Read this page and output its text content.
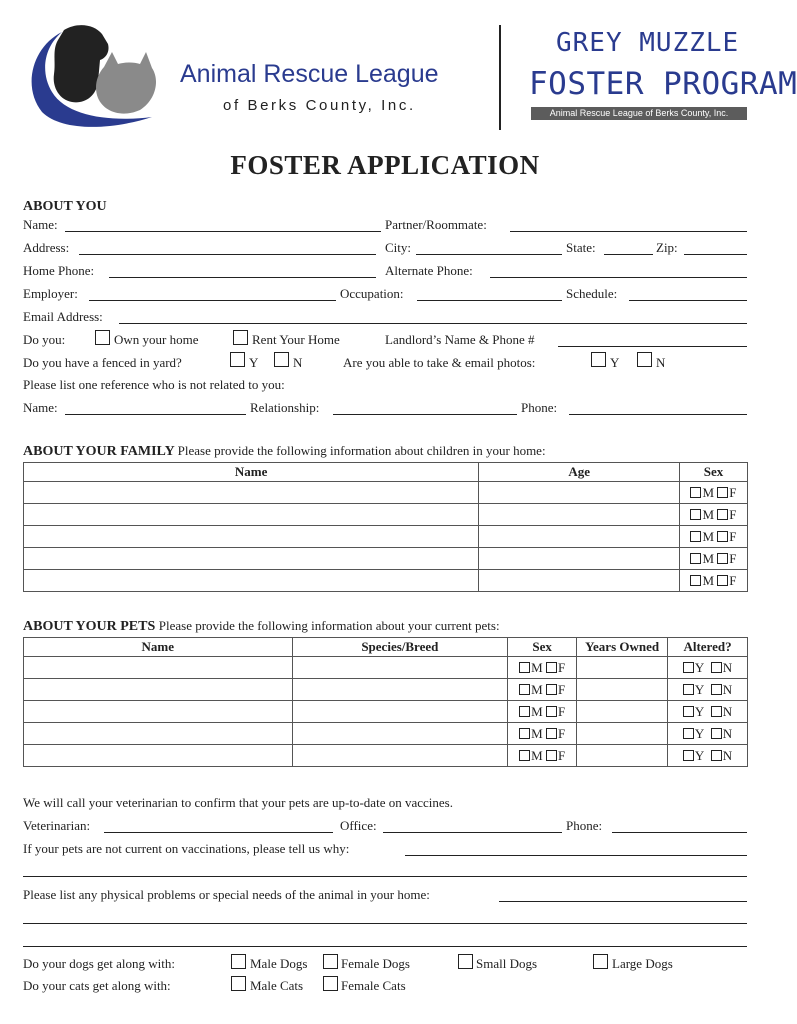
Animal Rescue League
of Berks County, Inc.
GREY MUZZLE
FOSTER PROGRAM
Animal Rescue League of Berks County, Inc.
FOSTER APPLICATION
ABOUT YOU
Name:	Partner/Roommate:
Address:	City:	State:	Zip:
Home Phone:	Alternate Phone:
Employer:	Occupation:	Schedule:
Email Address:
Do you:	Own your home	Rent Your Home	Landlord’s Name & Phone #
Do you have a fenced in yard?	Y	N	Are you able to take & email photos:	Y	N
Please list one reference who is not related to you:
Name:	Relationship:	Phone:
ABOUT YOUR FAMILY Please provide the following information about children in your home:
Name	Age	Sex
		M F
		M F
		M F
		M F
		M F
ABOUT YOUR PETS Please provide the following information about your current pets:
Name	Species/Breed	Sex	Years Owned	Altered?
		M F		Y N
		M F		Y N
		M F		Y N
		M F		Y N
		M F		Y N
We will call your veterinarian to confirm that your pets are up-to-date on vaccines.
Veterinarian:	Office:	Phone:
If your pets are not current on vaccinations, please tell us why:
Please list any physical problems or special needs of the animal in your home:
Do your dogs get along with:	Male Dogs	Female Dogs	Small Dogs	Large Dogs
Do your cats get along with:	Male Cats	Female Cats
